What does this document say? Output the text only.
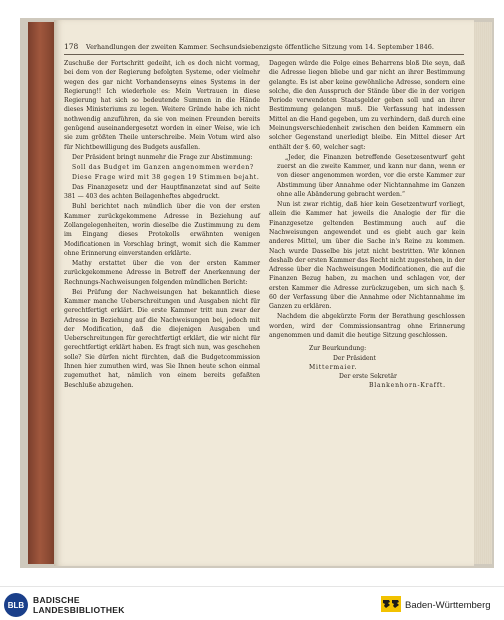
178 Verhandlungen der zweiten Kammer. Sechsundsiebenzigste öffentliche Sitzung vom 14. September 1846.

Zuschuße der Fortschritt gedeiht, ich es doch nicht vormag, bei dem von der Regierung befolgten Systeme, oder vielmehr wegen des gar nicht Vorhandenseyns eines Systems in der Regierung!! Ich wiederhole es: Mein Vertrauen in diese Regierung hat sich so bedeutende Summen in die Hände dieses Ministeriums zu legen. Weitere Gründe habe ich nicht nothwendig anzuführen, da sie von meinen Freunden bereits genügend auseinandergesetzt worden in einer Weise, wie ich sie zum größten Theile unterschreibe. Mein Votum wird also für Nichtbewilligung des Budgets ausfallen.

Der Präsident bringt nunmehr die Frage zur Abstimmung:

Soll das Budget im Ganzen angenommen werden?

Diese Frage wird mit 38 gegen 19 Stimmen bejaht.

Das Finanzgesetz und der Hauptfinanzetat sind auf Seite 381 — 403 des achten Beilagenheftes abgedruckt.

Buhl berichtet nach mündlich über die von der ersten Kammer zurückgekommene Adresse in Beziehung auf Zollangelegenheiten, worin dieselbe die Zustimmung zu dem im Eingang dieses Protokolls erwähnten wenigen Modificationen in Vorschlag bringt, womit sich die Kammer ohne Erinnerung einverstanden erklärte.

Mathy erstattet über die von der ersten Kammer zurückgekommene Adresse in Betreff der Anerkennung der Rechnungs-Nachweisungen folgenden mündlichen Bericht:

Bei Prüfung der Nachweisungen hat bekanntlich diese Kammer manche Ueberschreitungen und Ausgaben nicht für gerechtfertigt erklärt. Die erste Kammer tritt nun zwar der Adresse in Beziehung auf die Nachweisungen bei, jedoch mit der Modification, daß die diejenigen Ausgaben und Ueberschreitungen für gerechtfertigt erklärt, die wir nicht für gerechtfertigt erklärt haben. Es fragt sich nun, was geschehen solle? Sie dürfen nicht fürchten, daß die Budgetcommission Ihnen hier zumuthen wird, was Sie Ihnen heute schon einmal zugemuthet hat, nämlich von einem bereits gefaßten Beschluße abzugehen.

Dagegen würde die Folge eines Beharrens bloß Die seyn, daß die Adresse liegen bliebe und gar nicht an ihrer Bestimmung gelangte. Es ist aber keine gewöhnliche Adresse, sondern eine solche, die den Ausspruch der Stände über die in der vorigen Periode verwendeten Staatsgelder geben soll und an ihrer Bestimmung gelangen muß. Die Verfassung hat indessen Mittel an die Hand gegeben, um zu verhindern, daß durch eine Meinungsverschiedenheit zwischen den beiden Kammern ein solcher Gegenstand unerledigt bleibe. Ein Mittel dieser Art enthält der §. 60, welcher sagt:

„Jeder, die Finanzen betreffende Gesetzesentwurf geht zuerst an die zweite Kammer, und kann nur dann, wenn er von dieser angenommen worden, vor die erste Kammer zur Abstimmung über Annahme oder Nichtannahme im Ganzen ohne alle Abänderung gebracht werden.“

Nun ist zwar richtig, daß hier kein Gesetzentwurf vorliegt, allein die Kammer hat jeweils die Analogie der für die Finanzgesetze geltenden Bestimmung auch auf die Nachweisungen angewendet und es giebt auch gar kein anderes Mittel, um über die Sache in's Reine zu kommen. Nach wurde Dasselbe bis jetzt nicht bestritten. Wir können deshalb der ersten Kammer das Recht nicht zugestehen, in der Adresse über die Nachweisungen Modificationen, die auf die Finanzen Bezug haben, zu machen und schlagen vor, der ersten Kammer die Adresse zurückzugeben, um sich nach §. 60 der Verfassung über die Annahme oder Nichtannahme im Ganzen zu erklären.

Nachdem die abgekürzte Form der Berathung geschlossen worden, wird der Commissionsantrag ohne Erinnerung angenommen und damit die heutige Sitzung geschlossen.

Zur Beurkundung:

Der Präsident

Mittermaier.

Der erste Sekretär

Blankenhorn-Krafft.

BLB	BADISCHE
LANDESBIBLIOTHEK	Baden-Württemberg
